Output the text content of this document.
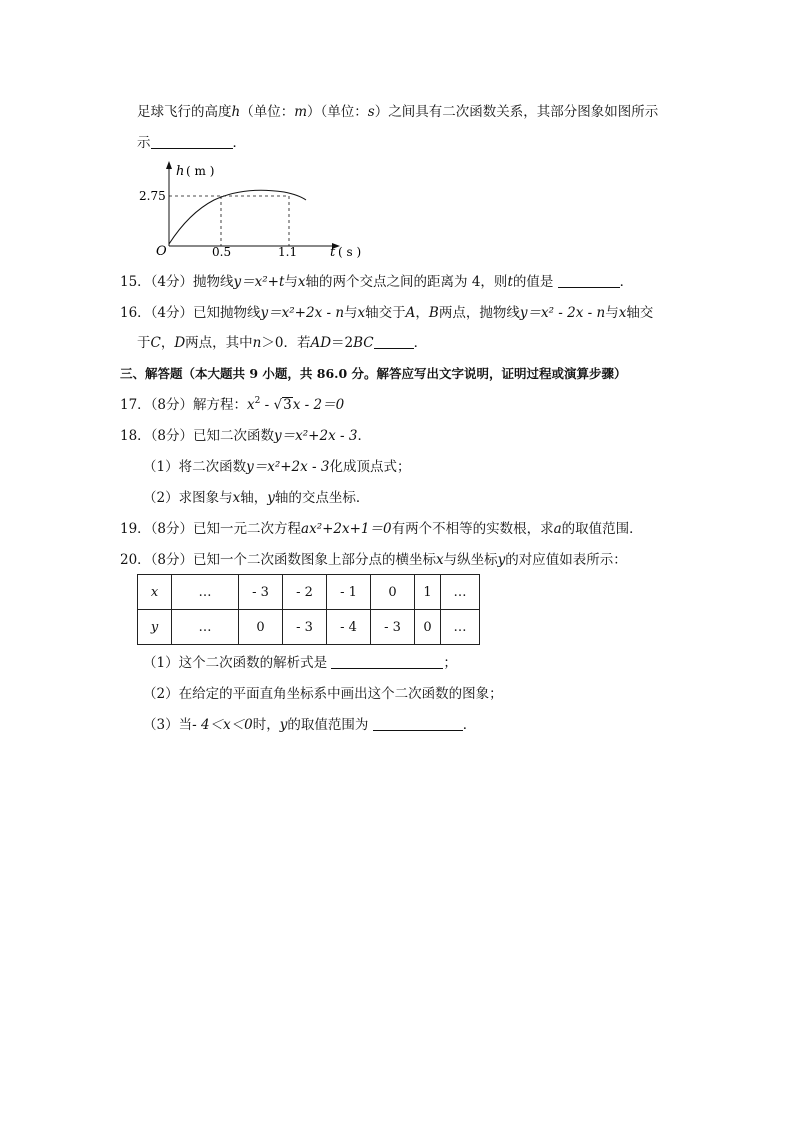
足球飞行的高度h（单位：m）（单位：s）之间具有二次函数关系，其部分图象如图所示
示	．
h ( m )
2.75
O	0.5	1.1	t ( s )
15．（4分）抛物线y＝x²+t与x轴的两个交点之间的距离为 4，则t的值是	．
16．（4分）已知抛物线y＝x²+2x - n与x轴交于A，B两点，抛物线y＝x² - 2x - n与x轴交
于C，D两点，其中n＞0．若AD＝2BC	．
三、解答题（本大题共 9 小题，共 86.0 分。解答应写出文字说明，证明过程或演算步骤）
17．（8分）解方程：$x^2 - √3x - 2=0$
18．（8分）已知二次函数y＝x²+2x - 3．
（1）将二次函数y＝x²+2x - 3化成顶点式；
（2）求图象与x轴，y轴的交点坐标．
19．（8分）已知一元二次方程ax²+2x+1＝0有两个不相等的实数根，求a的取值范围．
20．（8分）已知一个二次函数图象上部分点的横坐标x与纵坐标y的对应值如表所示：
x	…	- 3	- 2	- 1	0	1	…
y	…	0	- 3	- 4	- 3	0	…
（1）这个二次函数的解析式是	；
（2）在给定的平面直角坐标系中画出这个二次函数的图象；
（3）当- 4＜x＜0时，y的取值范围为	．
